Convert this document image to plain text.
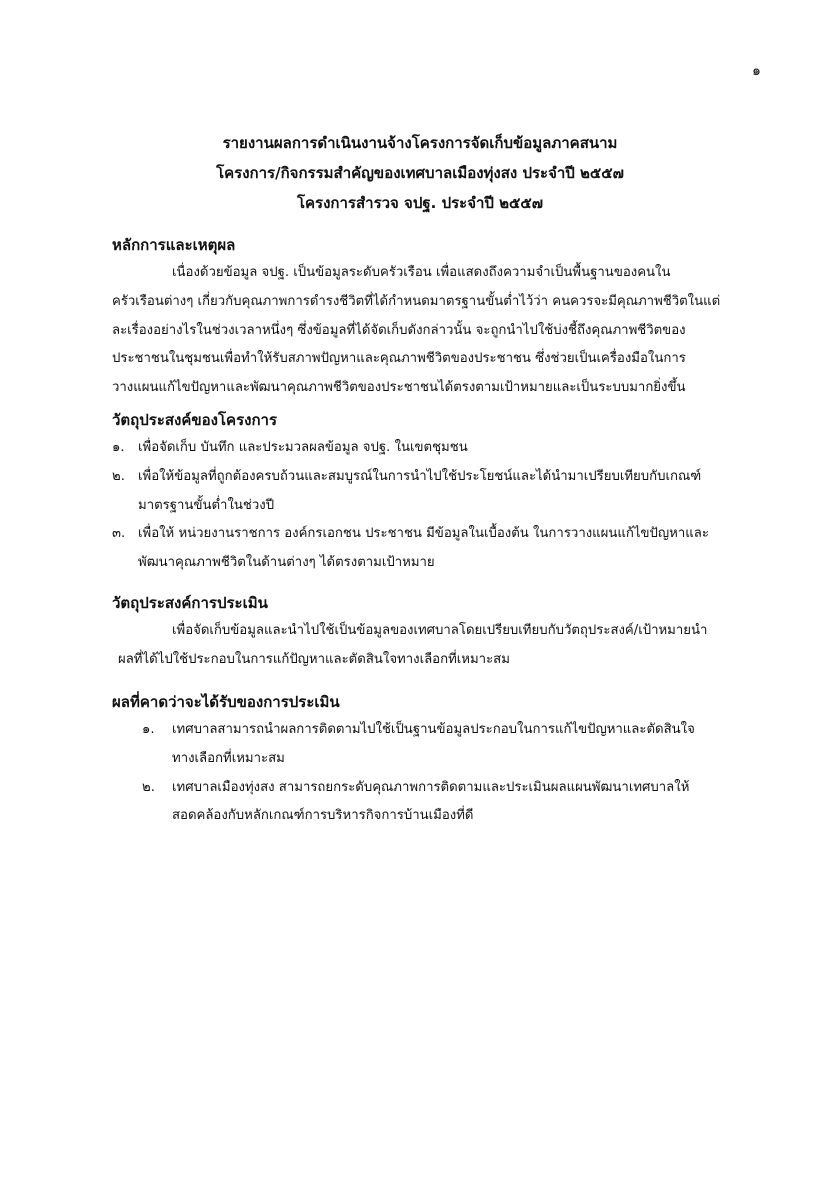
๑
รายงานผลการดำเนินงานจ้างโครงการจัดเก็บข้อมูลภาคสนาม
โครงการ/กิจกรรมสำคัญของเทศบาลเมืองทุ่งสง ประจำปี ๒๕๕๗
โครงการสำรวจ จปฐ. ประจำปี ๒๕๕๗
หลักการและเหตุผล
เนื่องด้วยข้อมูล จปฐ. เป็นข้อมูลระดับครัวเรือน เพื่อแสดงถึงความจำเป็นพื้นฐานของคนใน
ครัวเรือนต่างๆ เกี่ยวกับคุณภาพการดำรงชีวิตที่ได้กำหนดมาตรฐานขั้นต่ำไว้ว่า คนควรจะมีคุณภาพชีวิตในแต่
ละเรื่องอย่างไรในช่วงเวลาหนึ่งๆ ซึ่งข้อมูลที่ได้จัดเก็บดังกล่าวนั้น จะถูกนำไปใช้บ่งชี้ถึงคุณภาพชีวิตของ
ประชาชนในชุมชนเพื่อทำให้รับสภาพปัญหาและคุณภาพชีวิตของประชาชน ซึ่งช่วยเป็นเครื่องมือในการ
วางแผนแก้ไขปัญหาและพัฒนาคุณภาพชีวิตของประชาชนได้ตรงตามเป้าหมายและเป็นระบบมากยิ่งขึ้น
วัตถุประสงค์ของโครงการ
๑. เพื่อจัดเก็บ บันทึก และประมวลผลข้อมูล จปฐ. ในเขตชุมชน
๒. เพื่อให้ข้อมูลที่ถูกต้องครบถ้วนและสมบูรณ์ในการนำไปใช้ประโยชน์และได้นำมาเปรียบเทียบกับเกณฑ์
มาตรฐานขั้นต่ำในช่วงปี
๓. เพื่อให้ หน่วยงานราชการ องค์กรเอกชน ประชาชน มีข้อมูลในเบื้องต้น ในการวางแผนแก้ไขปัญหาและ
พัฒนาคุณภาพชีวิตในด้านต่างๆ ได้ตรงตามเป้าหมาย
วัตถุประสงค์การประเมิน
เพื่อจัดเก็บข้อมูลและนำไปใช้เป็นข้อมูลของเทศบาลโดยเปรียบเทียบกับวัตถุประสงค์/เป้าหมายนำ
ผลที่ได้ไปใช้ประกอบในการแก้ปัญหาและตัดสินใจทางเลือกที่เหมาะสม
ผลที่คาดว่าจะได้รับของการประเมิน
๑. เทศบาลสามารถนำผลการติดตามไปใช้เป็นฐานข้อมูลประกอบในการแก้ไขปัญหาและตัดสินใจ
ทางเลือกที่เหมาะสม
๒. เทศบาลเมืองทุ่งสง สามารถยกระดับคุณภาพการติดตามและประเมินผลแผนพัฒนาเทศบาลให้
สอดคล้องกับหลักเกณฑ์การบริหารกิจการบ้านเมืองที่ดี
